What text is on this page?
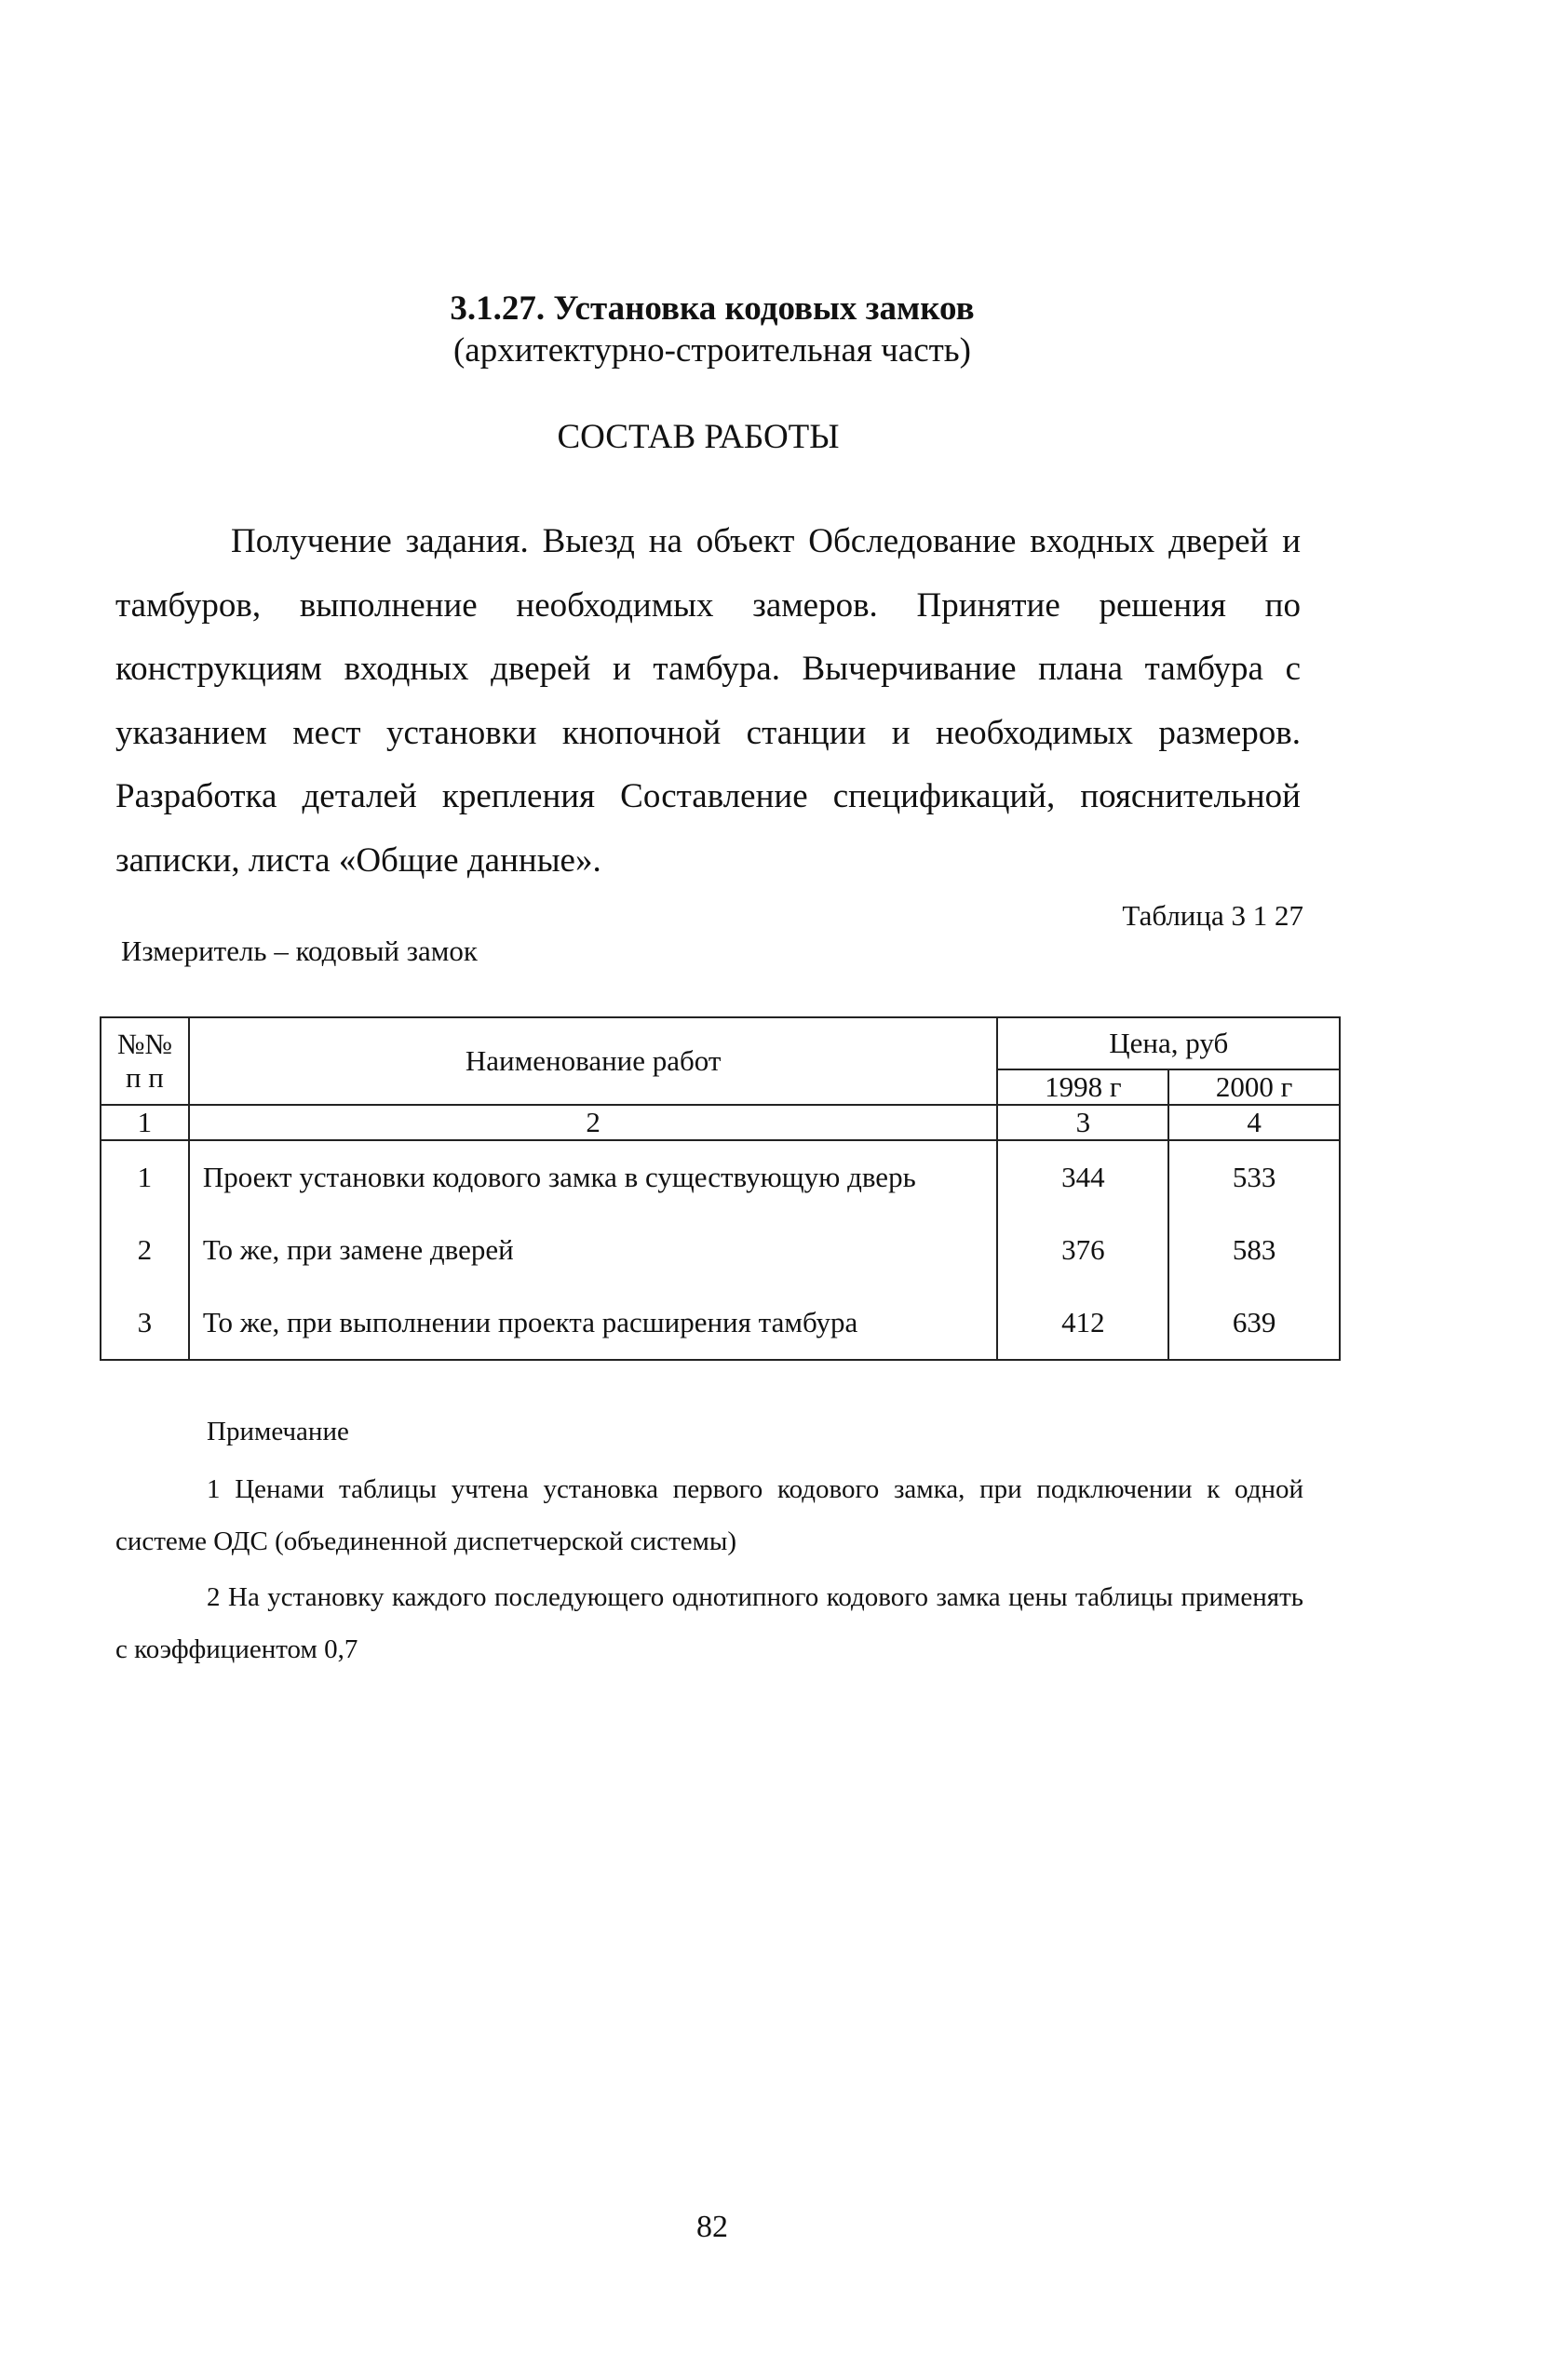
3.1.27. Установка кодовых замков
(архитектурно-строительная часть)
СОСТАВ РАБОТЫ

Получение задания. Выезд на объект Обследование входных дверей и тамбуров, выполнение необходимых замеров. Принятие решения по конструкциям входных дверей и тамбура. Вычерчивание плана тамбура с указанием мест установки кнопочной станции и необходимых размеров. Разработка деталей крепления Составление спецификаций, пояснительной записки, листа «Общие данные».

Таблица 3 1 27
Измеритель – кодовый замок
№№
п п	Наименование работ	Цена, руб	
		1998 г	2000 г
1	2	3	4
1	Проект установки кодового замка в существующую дверь	344	533
2	То же, при замене дверей	376	583
3	То же, при выполнении проекта расширения тамбура	412	639
Примечание

1 Ценами таблицы учтена установка первого кодового замка, при подключении к одной системе ОДС (объединенной диспетчерской системы)

2 На установку каждого последующего однотипного кодового замка цены таблицы применять с коэффициентом 0,7

82
